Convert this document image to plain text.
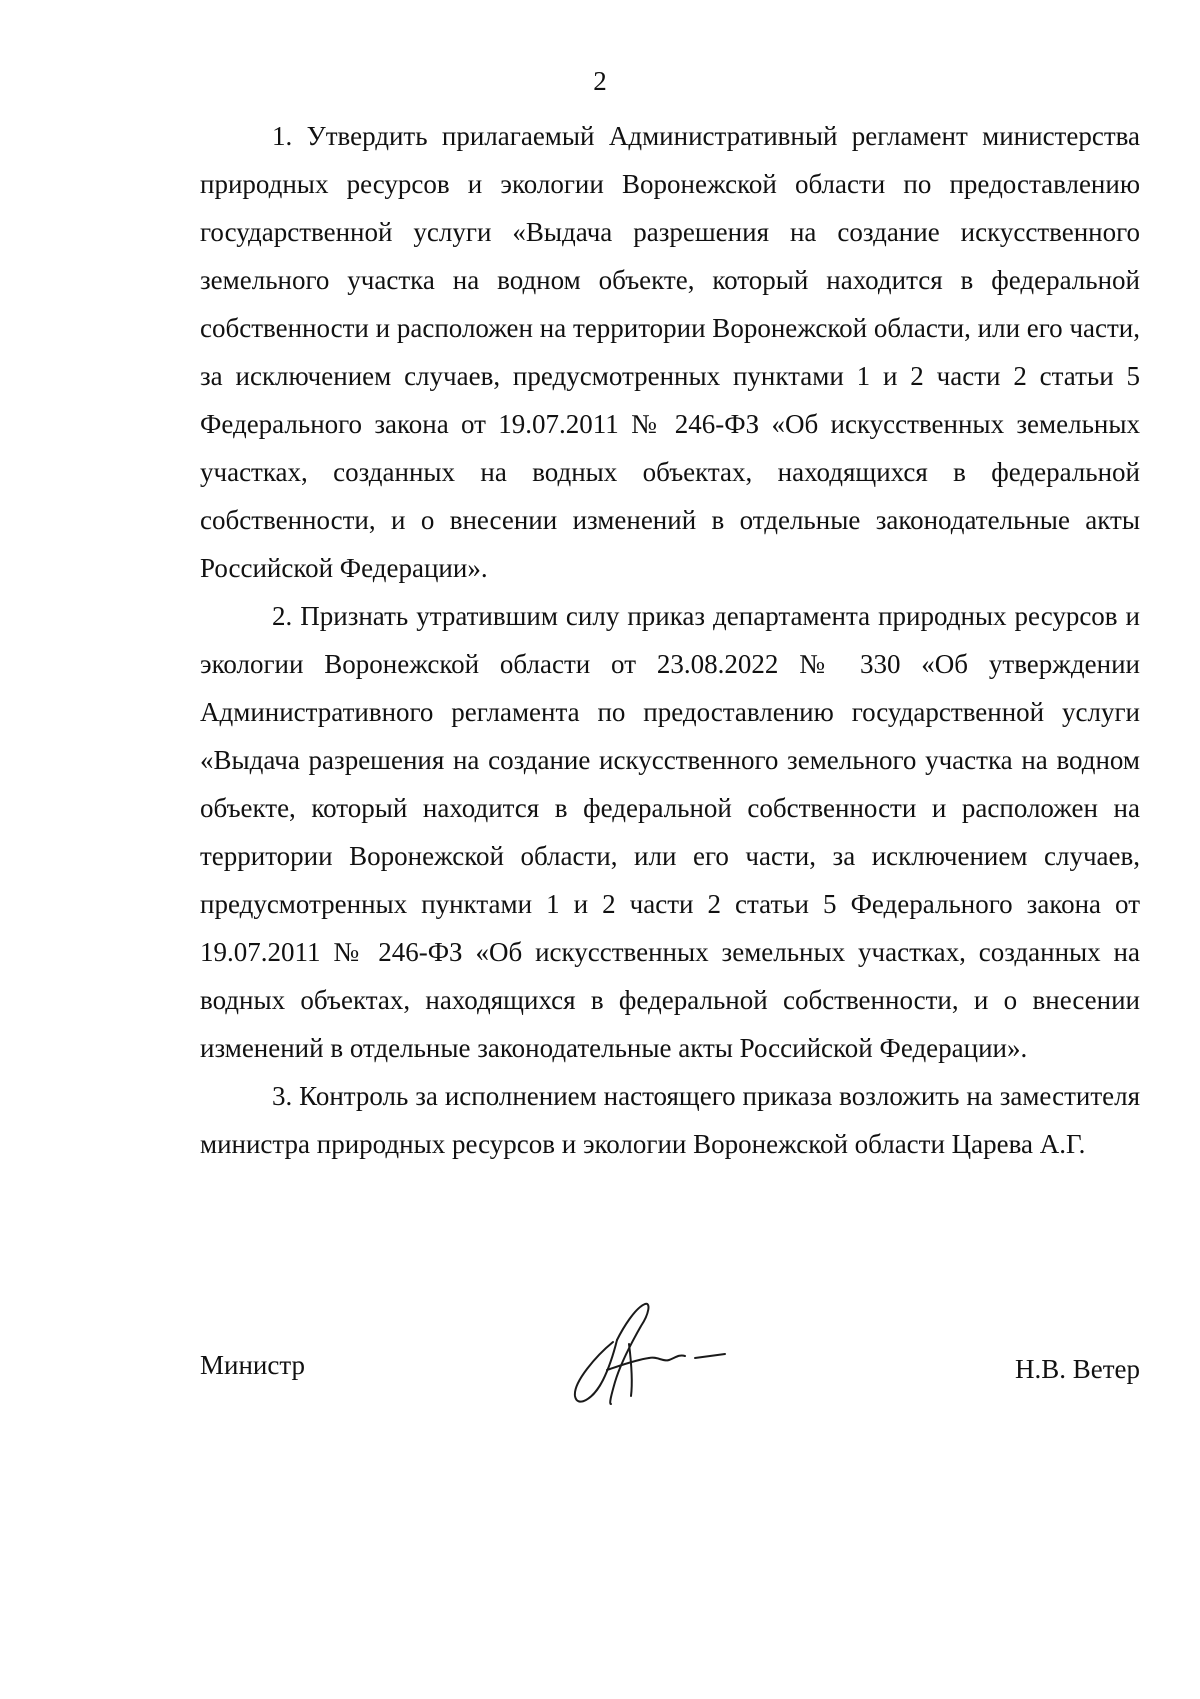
2

1. Утвердить прилагаемый Административный регламент министерства природных ресурсов и экологии Воронежской области по предоставлению государственной услуги «Выдача разрешения на создание искусственного земельного участка на водном объекте, который находится в федеральной собственности и расположен на территории Воронежской области, или его части, за исключением случаев, предусмотренных пунктами 1 и 2 части 2 статьи 5 Федерального закона от 19.07.2011 № 246-ФЗ «Об искусственных земельных участках, созданных на водных объектах, находящихся в федеральной собственности, и о внесении изменений в отдельные законодательные акты Российской Федерации».

2. Признать утратившим силу приказ департамента природных ресурсов и экологии Воронежской области от 23.08.2022 № 330 «Об утверждении Административного регламента по предоставлению государственной услуги «Выдача разрешения на создание искусственного земельного участка на водном объекте, который находится в федеральной собственности и расположен на территории Воронежской области, или его части, за исключением случаев, предусмотренных пунктами 1 и 2 части 2 статьи 5 Федерального закона от 19.07.2011 № 246-ФЗ «Об искусственных земельных участках, созданных на водных объектах, находящихся в федеральной собственности, и о внесении изменений в отдельные законодательные акты Российской Федерации».

3. Контроль за исполнением настоящего приказа возложить на заместителя министра природных ресурсов и экологии Воронежской области Царева А.Г.

Министр	Н.В. Ветер
